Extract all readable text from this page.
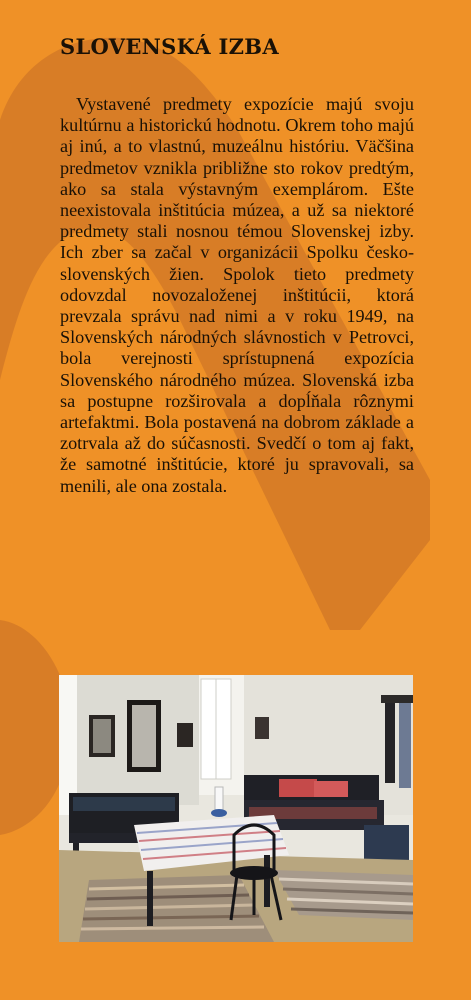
SLOVENSKÁ IZBA

Vystavené predmety expozície majú svoju kultúrnu a historickú hodnotu. Okrem toho majú aj inú, a to vlastnú, muzeálnu históriu. Väčšina predmetov vznikla približne sto rokov predtým, ako sa stala výstavným exemplárom. Ešte neexistovala inštitúcia múzea, a už sa niektoré predmety stali nosnou témou Slovenskej izby. Ich zber sa začal v organizácii Spolku česko-slovenských žien. Spolok tieto predmety odovzdal novozaloženej inštitúcii, ktorá prevzala správu nad nimi a v roku 1949, na Slovenských národných slávnostich v Petrovci, bola verejnosti sprístupnená expozícia Slovenského národného múzea. Slovenská izba sa postupne rozširovala a dopĺňala rôznymi artefaktmi. Bola postavená na dobrom základe a zotrvala až do súčasnosti. Svedčí o tom aj fakt, že samotné inštitúcie, ktoré ju spravovali, sa menili, ale ona zostala.
